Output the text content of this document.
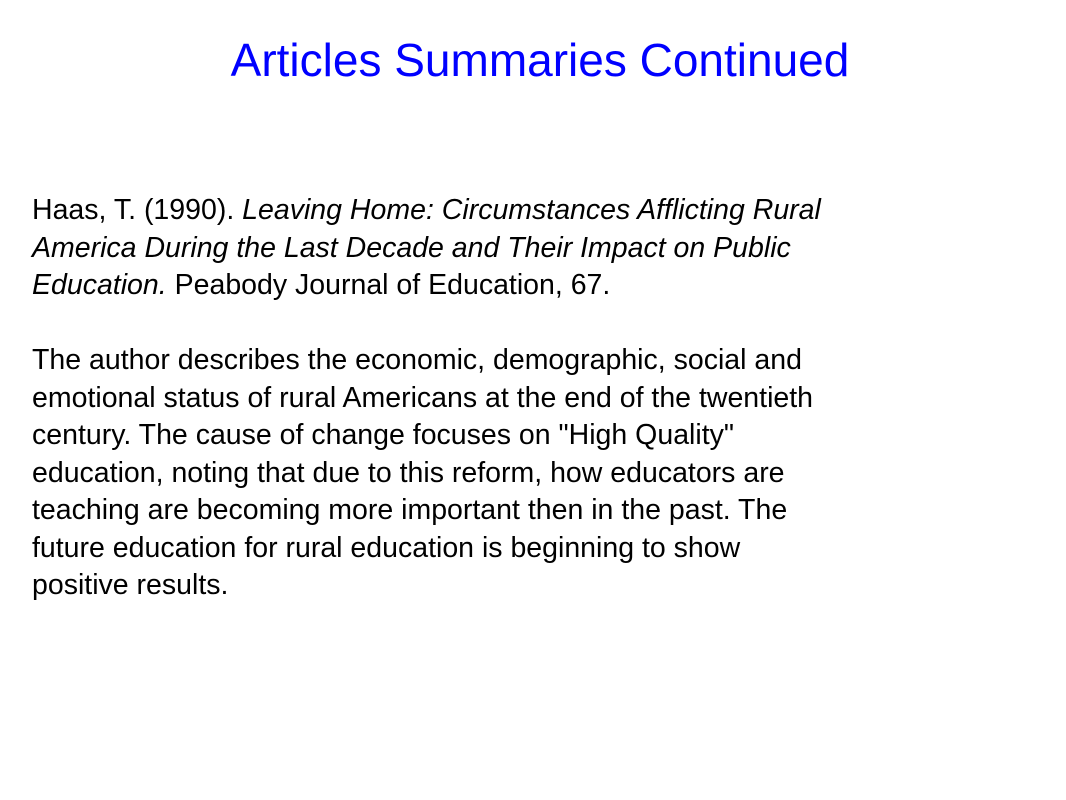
Articles Summaries Continued
Haas, T. (1990). Leaving Home: Circumstances Afflicting Rural
America During the Last Decade and Their Impact on Public
Education. Peabody Journal of Education, 67.
The author describes the economic, demographic, social and
emotional status of rural Americans at the end of the twentieth
century. The cause of change focuses on "High Quality"
education, noting that due to this reform, how educators are
teaching are becoming more important then in the past. The
future education for rural education is beginning to show
positive results.
